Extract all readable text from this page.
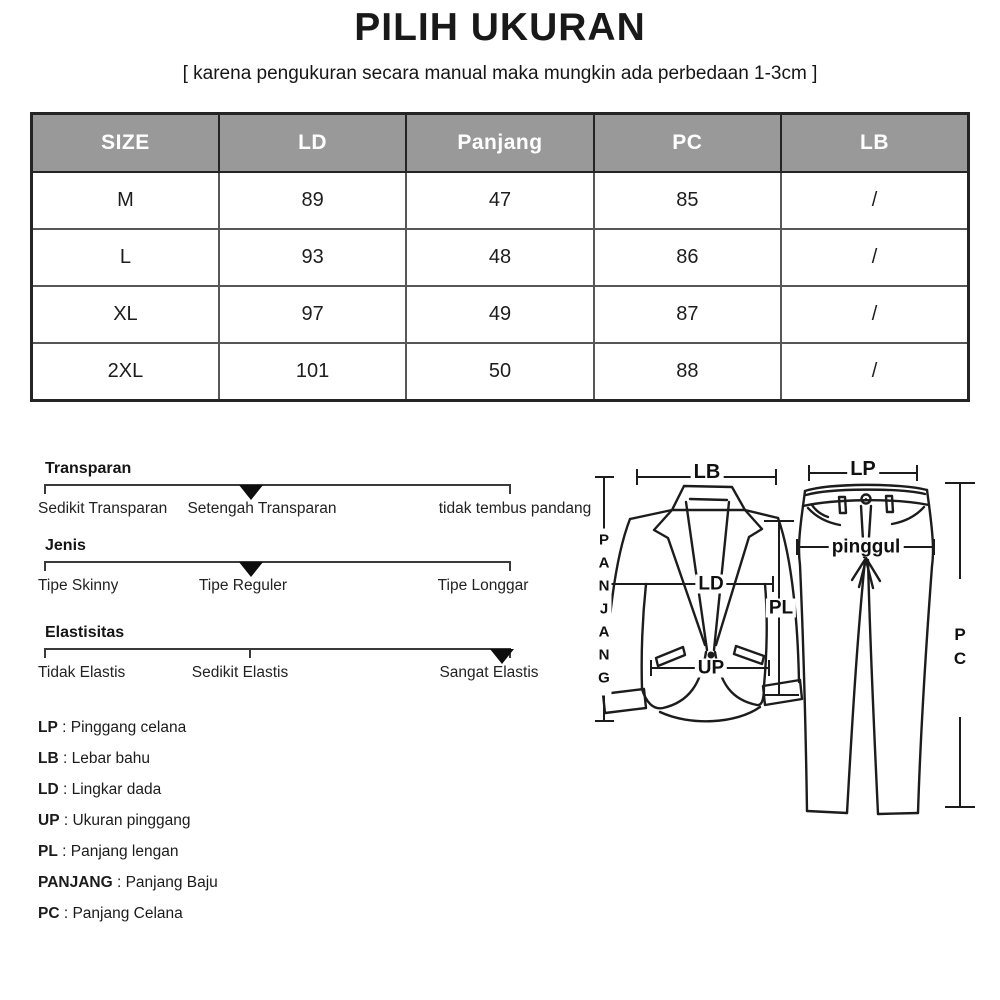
PILIH UKURAN
[ karena pengukuran secara manual maka mungkin ada perbedaan 1-3cm ]
SIZE	LD	Panjang	PC	LB
M	89	47	85	/
L	93	48	86	/
XL	97	49	87	/
2XL	101	50	88	/
Transparan
Sedikit Transparan Setengah Transparan	tidak tembus pandang
Jenis
Tipe Skinny	Tipe Reguler	Tipe Longgar
Elastisitas
Tidak Elastis	Sedikit Elastis	Sangat Elastis
LP : Pinggang celana
LB : Lebar bahu
LD : Lingkar dada
UP : Ukuran pinggang
PL : Panjang lengan
PANJANG : Panjang Baju
PC : Panjang Celana
LB	LP
LD
PL
UP
pinggul
PANJANG	PC
